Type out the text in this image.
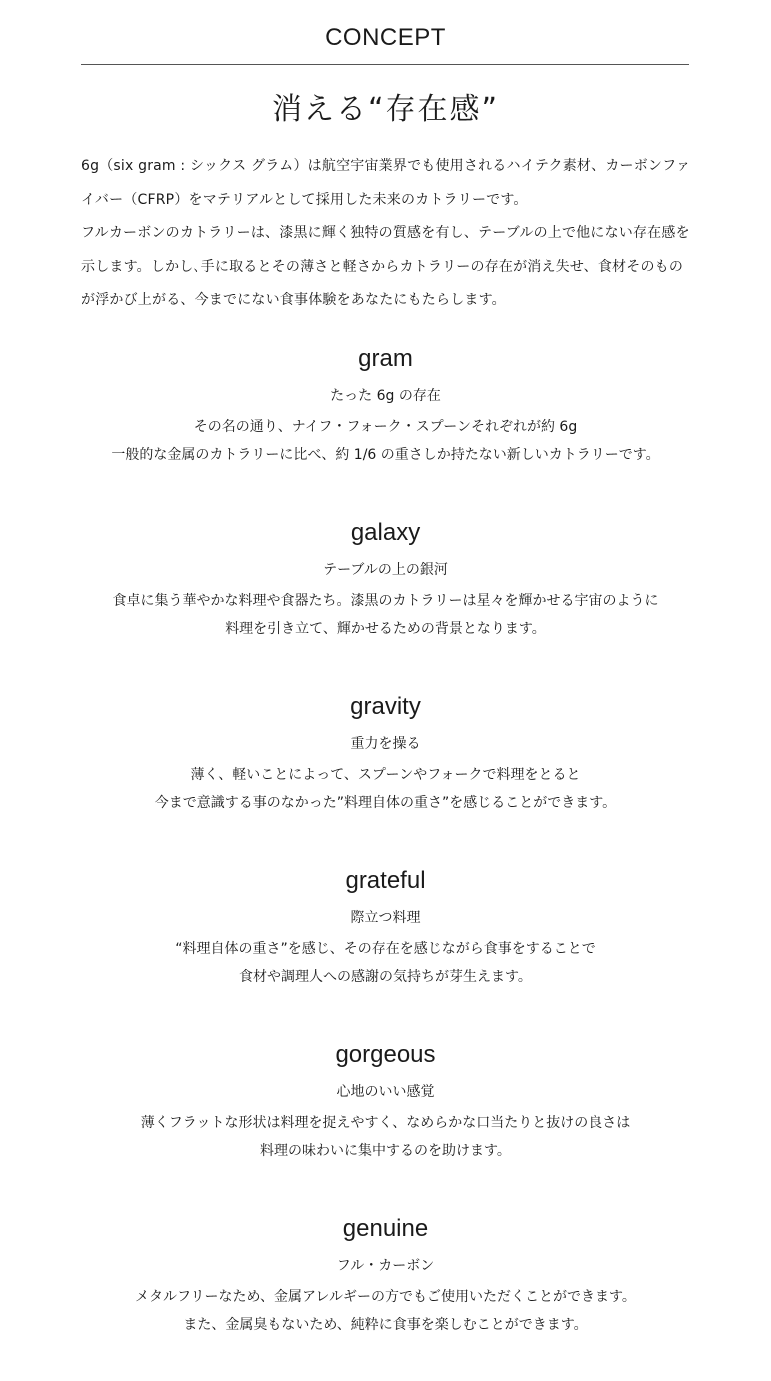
CONCEPT
消える“存在感”

6g（six gram : シックス グラム）は航空宇宙業界でも使用されるハイテク素材、カーボンファイバー（CFRP）をマテリアルとして採用した未来のカトラリーです。

フルカーボンのカトラリーは、漆黒に輝く独特の質感を有し、テーブルの上で他にない存在感を示します。しかし､手に取るとその薄さと軽さからカトラリーの存在が消え失せ、食材そのものが浮かび上がる、今までにない食事体験をあなたにもたらします。

gram
たった 6g の存在
その名の通り、ナイフ・フォーク・スプーンそれぞれが約 6g
一般的な金属のカトラリーに比べ、約 1/6 の重さしか持たない新しいカトラリーです。
galaxy
テーブルの上の銀河
食卓に集う華やかな料理や食器たち。漆黒のカトラリーは星々を輝かせる宇宙のように
料理を引き立て、輝かせるための背景となります。
gravity
重力を操る
薄く、軽いことによって、スプーンやフォークで料理をとると
今まで意識する事のなかった”料理自体の重さ”を感じることができます。
grateful
際立つ料理
“料理自体の重さ”を感じ、その存在を感じながら食事をすることで
食材や調理人への感謝の気持ちが芽生えます。
gorgeous
心地のいい感覚
薄くフラットな形状は料理を捉えやすく、なめらかな口当たりと抜けの良さは
料理の味わいに集中するのを助けます。
genuine
フル・カーボン
メタルフリーなため、金属アレルギーの方でもご使用いただくことができます。
また、金属臭もないため、純粋に食事を楽しむことができます。
